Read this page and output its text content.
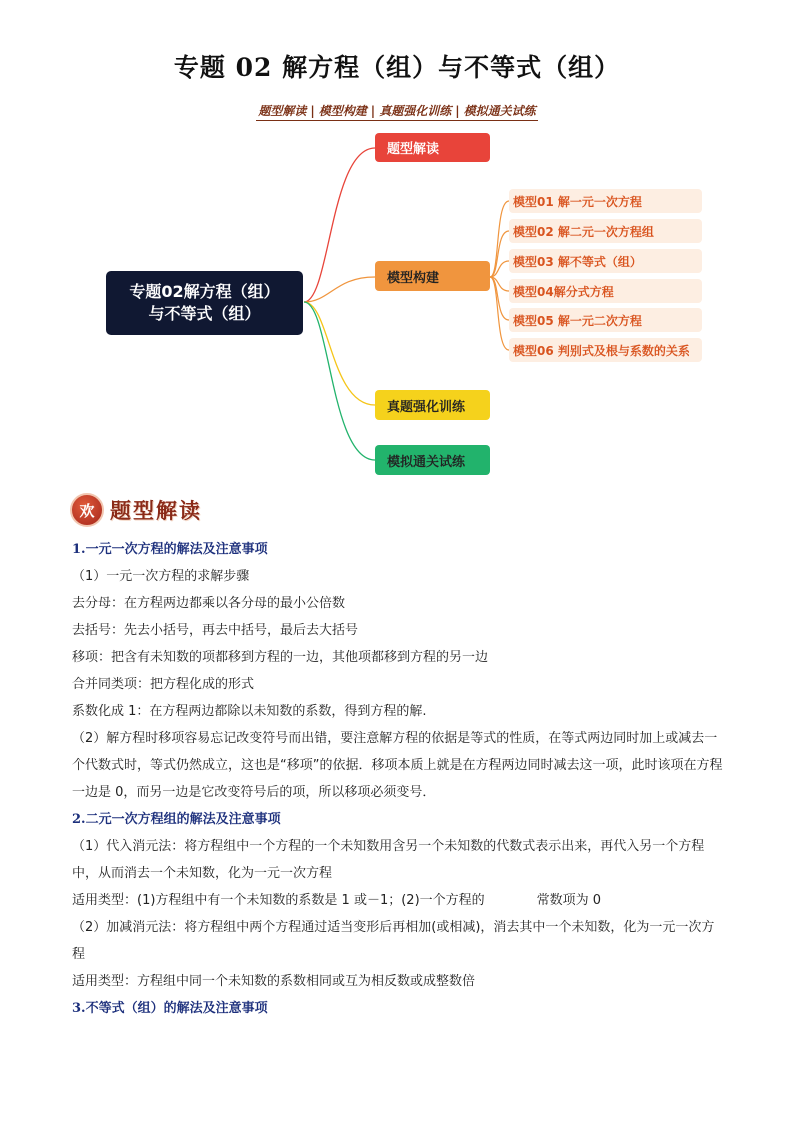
专题 02 解方程（组）与不等式（组）
题型解读 | 模型构建 | 真题强化训练 | 模拟通关试练
专题02解方程（组）
与不等式（组）
题型解读
模型构建
真题强化训练
模拟通关试练
模型01 解一元一次方程
模型02 解二元一次方程组
模型03 解不等式（组）
模型04解分式方程
模型05 解一元二次方程
模型06 判别式及根与系数的关系
欢 题型解读

1.一元一次方程的解法及注意事项

（1）一元一次方程的求解步骤

去分母：在方程两边都乘以各分母的最小公倍数

去括号：先去小括号，再去中括号，最后去大括号

移项：把含有未知数的项都移到方程的一边，其他项都移到方程的另一边

合并同类项：把方程化成的形式

系数化成 1：在方程两边都除以未知数的系数，得到方程的解.

（2）解方程时移项容易忘记改变符号而出错，要注意解方程的依据是等式的性质，在等式两边同时加上或减去一个代数式时，等式仍然成立，这也是“移项”的依据．移项本质上就是在方程两边同时减去这一项，此时该项在方程一边是 0，而另一边是它改变符号后的项，所以移项必须变号．

2.二元一次方程组的解法及注意事项

（1）代入消元法：将方程组中一个方程的一个未知数用含另一个未知数的代数式表示出来，再代入另一个方程中，从而消去一个未知数，化为一元一次方程

适用类型：(1)方程组中有一个未知数的系数是 1 或－1；(2)一个方程的　　　　常数项为 0

（2）加减消元法：将方程组中两个方程通过适当变形后再相加(或相减)，消去其中一个未知数，化为一元一次方程

适用类型：方程组中同一个未知数的系数相同或互为相反数或成整数倍

3.不等式（组）的解法及注意事项
